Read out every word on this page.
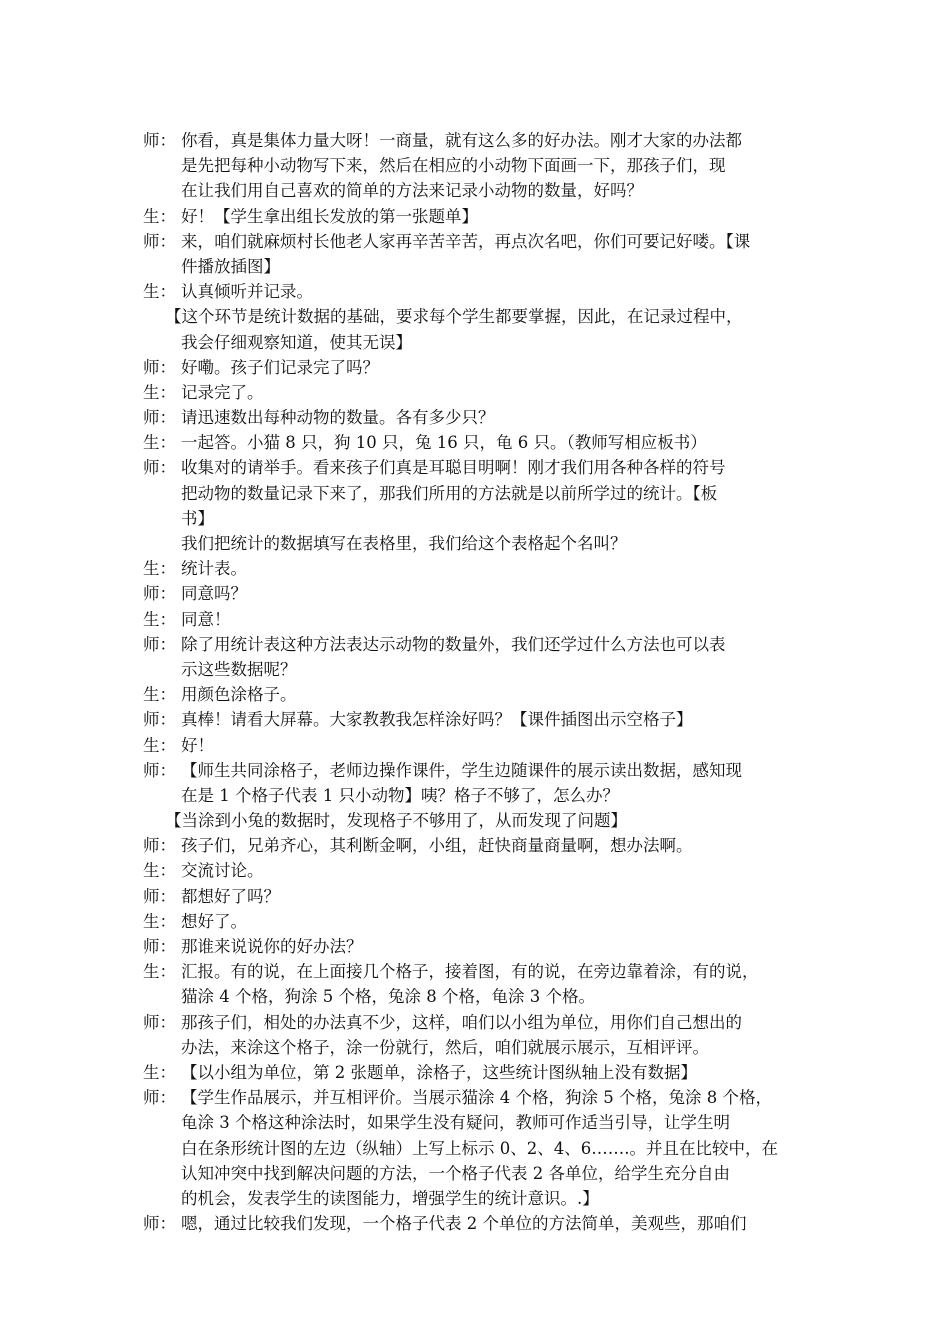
师： 你看，真是集体力量大呀！一商量，就有这么多的好办法。刚才大家的办法都
是先把每种小动物写下来，然后在相应的小动物下面画一下，那孩子们，现
在让我们用自己喜欢的简单的方法来记录小动物的数量，好吗？
生： 好！【学生拿出组长发放的第一张题单】
师： 来，咱们就麻烦村长他老人家再辛苦辛苦，再点次名吧，你们可要记好喽。【课
件播放插图】
生： 认真倾听并记录。
【这个环节是统计数据的基础，要求每个学生都要掌握，因此，在记录过程中，
我会仔细观察知道，使其无误】
师： 好嘞。孩子们记录完了吗？
生： 记录完了。
师： 请迅速数出每种动物的数量。各有多少只？
生： 一起答。小猫 8 只，狗 10 只，兔 16 只，龟 6 只。（教师写相应板书）
师： 收集对的请举手。看来孩子们真是耳聪目明啊！刚才我们用各种各样的符号
把动物的数量记录下来了，那我们所用的方法就是以前所学过的统计。【板
书】
我们把统计的数据填写在表格里，我们给这个表格起个名叫？
生： 统计表。
师： 同意吗？
生： 同意！
师： 除了用统计表这种方法表达示动物的数量外，我们还学过什么方法也可以表
示这些数据呢？
生： 用颜色涂格子。
师： 真棒！请看大屏幕。大家教教我怎样涂好吗？【课件插图出示空格子】
生： 好！
师： 【师生共同涂格子，老师边操作课件，学生边随课件的展示读出数据，感知现
在是 1 个格子代表 1 只小动物】咦？格子不够了，怎么办？
【当涂到小兔的数据时，发现格子不够用了，从而发现了问题】
师： 孩子们，兄弟齐心，其利断金啊，小组，赶快商量商量啊，想办法啊。
生： 交流讨论。
师： 都想好了吗？
生： 想好了。
师： 那谁来说说你的好办法？
生： 汇报。有的说，在上面接几个格子，接着图，有的说，在旁边靠着涂，有的说，
猫涂 4 个格，狗涂 5 个格，兔涂 8 个格，龟涂 3 个格。
师： 那孩子们，相处的办法真不少，这样，咱们以小组为单位，用你们自己想出的
办法，来涂这个格子，涂一份就行，然后，咱们就展示展示，互相评评。
生： 【以小组为单位，第 2 张题单，涂格子，这些统计图纵轴上没有数据】
师： 【学生作品展示，并互相评价。当展示猫涂 4 个格，狗涂 5 个格，兔涂 8 个格，
龟涂 3 个格这种涂法时，如果学生没有疑问，教师可作适当引导，让学生明
白在条形统计图的左边（纵轴）上写上标示 0、2、4、6…….。并且在比较中，在
认知冲突中找到解决问题的方法，一个格子代表 2 各单位，给学生充分自由
的机会，发表学生的读图能力，增强学生的统计意识。.】
师： 嗯，通过比较我们发现，一个格子代表 2 个单位的方法简单，美观些，那咱们
